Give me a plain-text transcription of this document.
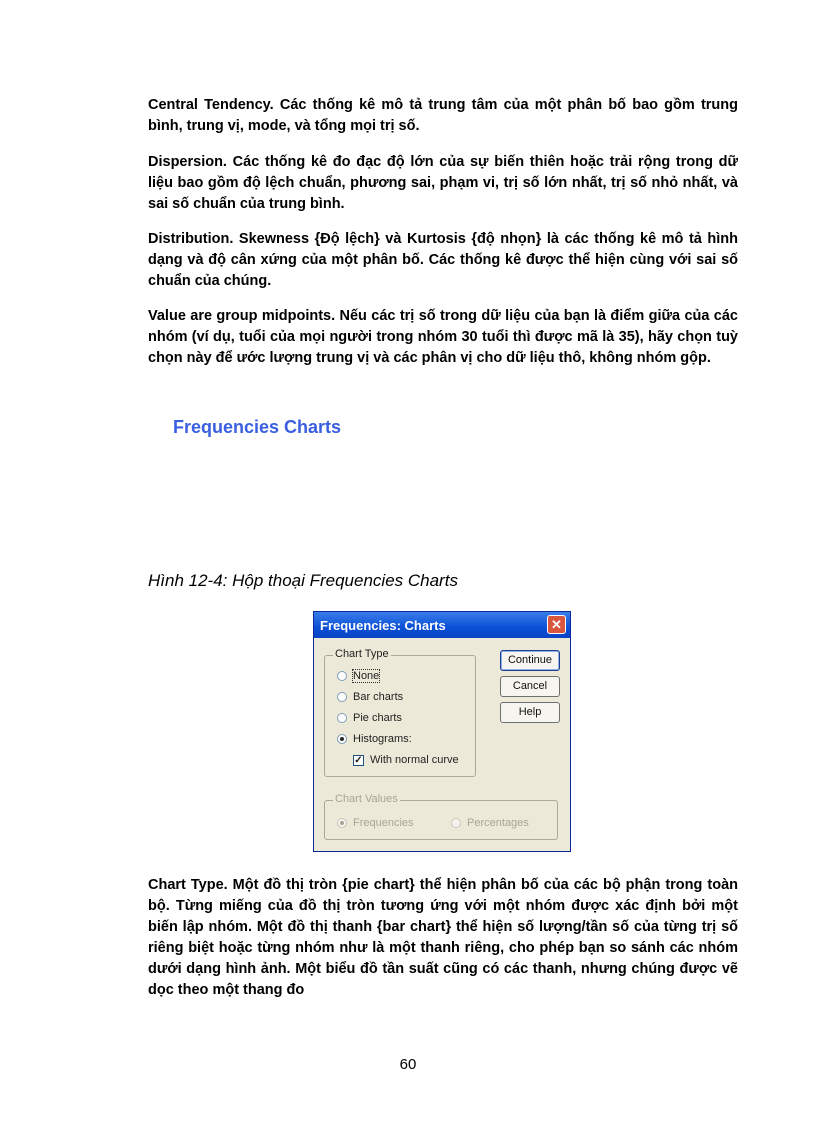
Central Tendency. Các thống kê mô tả trung tâm của một phân bố bao gồm trung bình, trung vị, mode, và tổng mọi trị số.

Dispersion. Các thống kê đo đạc độ lớn của sự biến thiên hoặc trải rộng trong dữ liệu bao gồm độ lệch chuẩn, phương sai, phạm vi, trị số lớn nhất, trị số nhỏ nhất, và sai số chuẩn của trung bình.

Distribution. Skewness {Độ lệch} và Kurtosis {độ nhọn} là các thống kê mô tả hình dạng và độ cân xứng của một phân bố. Các thống kê được thể hiện cùng với sai số chuẩn của chúng.

Value are group midpoints. Nếu các trị số trong dữ liệu của bạn là điểm giữa của các nhóm (ví dụ, tuổi của mọi người trong nhóm 30 tuổi thì được mã là 35), hãy chọn tuỳ chọn này để ước lượng trung vị và các phân vị cho dữ liệu thô, không nhóm gộp.

Frequencies Charts

Hình 12-4: Hộp thoại Frequencies Charts

Frequencies: Charts	✕
Chart Type
None
Bar charts
Pie charts
Histograms:
✓ With normal curve
Chart Values
Frequencies	Percentages
Continue
Cancel
Help

Chart Type. Một đồ thị tròn {pie chart} thể hiện phân bố của các bộ phận trong toàn bộ. Từng miếng của đồ thị tròn tương ứng với một nhóm được xác định bởi một biến lập nhóm. Một đồ thị thanh {bar chart} thể hiện số lượng/tần số của từng trị số riêng biệt hoặc từng nhóm như là một thanh riêng, cho phép bạn so sánh các nhóm dưới dạng hình ảnh. Một biểu đồ tần suất cũng có các thanh, nhưng chúng được vẽ dọc theo một thang đo

60
